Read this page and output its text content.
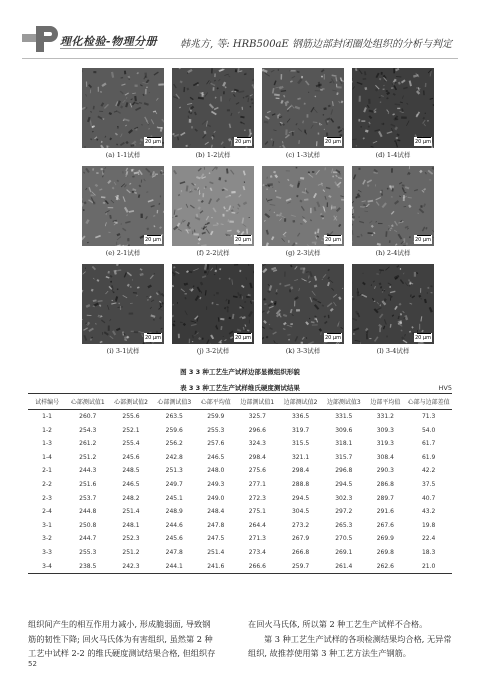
理化检验-物理分册 韩兆方, 等: HRB500aE 钢筋边部封闭圈处组织的分析与判定
20 μm
(a) 1-1试样
20 μm
(b) 1-2试样
20 μm
(c) 1-3试样
20 μm
(d) 1-4试样
20 μm
(e) 2-1试样
20 μm
(f) 2-2试样
20 μm
(g) 2-3试样
20 μm
(h) 2-4试样
20 μm
(i) 3-1试样
20 μm
(j) 3-2试样
20 μm
(k) 3-3试样
20 μm
(l) 3-4试样
图 3 3 种工艺生产试样边部显微组织形貌
表 3 3 种工艺生产试样维氏硬度测试结果	HV5
试样编号	心部测试值1	心部测试值2	心部测试值3	心部平均值	边部测试值1	边部测试值2	边部测试值3	边部平均值	心部与边部差值
1-1	260.7	255.6	263.5	259.9	325.7	336.5	331.5	331.2	71.3
1-2	254.3	252.1	259.6	255.3	296.6	319.7	309.6	309.3	54.0
1-3	261.2	255.4	256.2	257.6	324.3	315.5	318.1	319.3	61.7
1-4	251.2	245.6	242.8	246.5	298.4	321.1	315.7	308.4	61.9
2-1	244.3	248.5	251.3	248.0	275.6	298.4	296.8	290.3	42.2
2-2	251.6	246.5	249.7	249.3	277.1	288.8	294.5	286.8	37.5
2-3	253.7	248.2	245.1	249.0	272.3	294.5	302.3	289.7	40.7
2-4	244.8	251.4	248.9	248.4	275.1	304.5	297.2	291.6	43.2
3-1	250.8	248.1	244.6	247.8	264.4	273.2	265.3	267.6	19.8
3-2	244.7	252.3	245.6	247.5	271.3	267.9	270.5	269.9	22.4
3-3	255.3	251.2	247.8	251.4	273.4	266.8	269.1	269.8	18.3
3-4	238.5	242.3	244.1	241.6	266.6	259.7	261.4	262.6	21.0
组织间产生的相互作用力减小, 形成脆弱面, 导致钢
筋的韧性下降; 回火马氏体为有害组织, 虽然第 2 种
工艺中试样 2-2 的维氏硬度测试结果合格, 但组织存
在回火马氏体, 所以第 2 种工艺生产试样不合格。
第 3 种工艺生产试样的各项检测结果均合格, 无异常组织, 故推荐使用第 3 种工艺方法生产钢筋。
52
